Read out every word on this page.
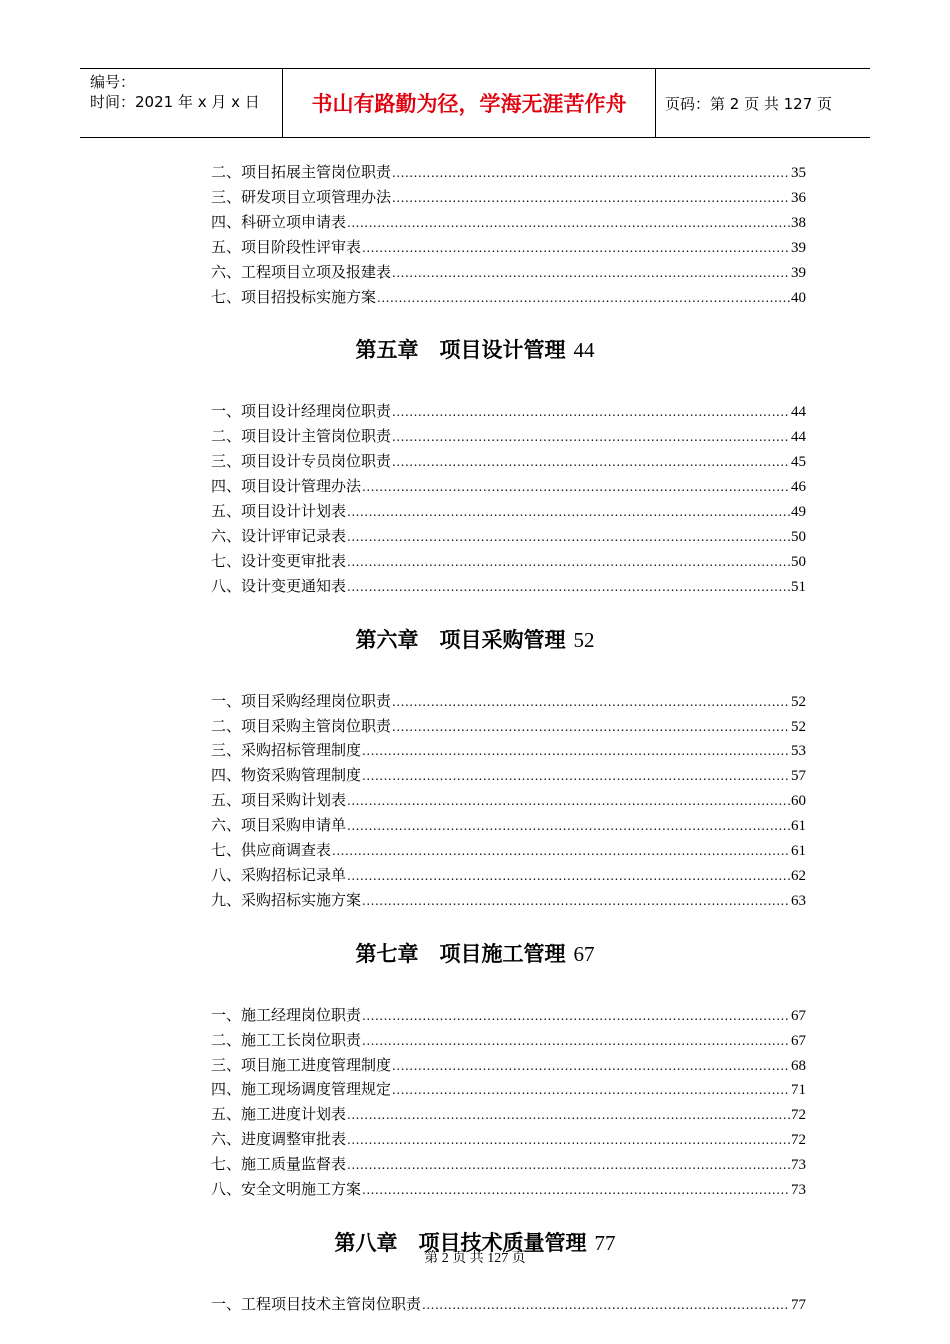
编号：
时间：2021 年 x 月 x 日	书山有路勤为径，学海无涯苦作舟	页码：第 2 页 共 127 页
二、项目拓展主管岗位职责 .....	35
三、研发项目立项管理办法 .....	36
四、科研立项申请表 .....	38
五、项目阶段性评审表 .....	39
六、工程项目立项及报建表 .....	39
七、项目招投标实施方案 .....	40
第五章　项目设计管理 44
一、项目设计经理岗位职责 .....	44
二、项目设计主管岗位职责 .....	44
三、项目设计专员岗位职责 .....	45
四、项目设计管理办法 .....	46
五、项目设计计划表 .....	49
六、设计评审记录表 .....	50
七、设计变更审批表 .....	50
八、设计变更通知表 .....	51
第六章　项目采购管理 52
一、项目采购经理岗位职责 .....	52
二、项目采购主管岗位职责 .....	52
三、采购招标管理制度 .....	53
四、物资采购管理制度 .....	57
五、项目采购计划表 .....	60
六、项目采购申请单 .....	61
七、供应商调查表 .....	61
八、采购招标记录单 .....	62
九、采购招标实施方案 .....	63
第七章　项目施工管理 67
一、施工经理岗位职责 .....	67
二、施工工长岗位职责 .....	67
三、项目施工进度管理制度 .....	68
四、施工现场调度管理规定 .....	71
五、施工进度计划表 .....	72
六、进度调整审批表 .....	72
七、施工质量监督表 .....	73
八、安全文明施工方案 .....	73
第八章　项目技术质量管理 77
一、工程项目技术主管岗位职责 .....	77
第 2 页 共 127 页
